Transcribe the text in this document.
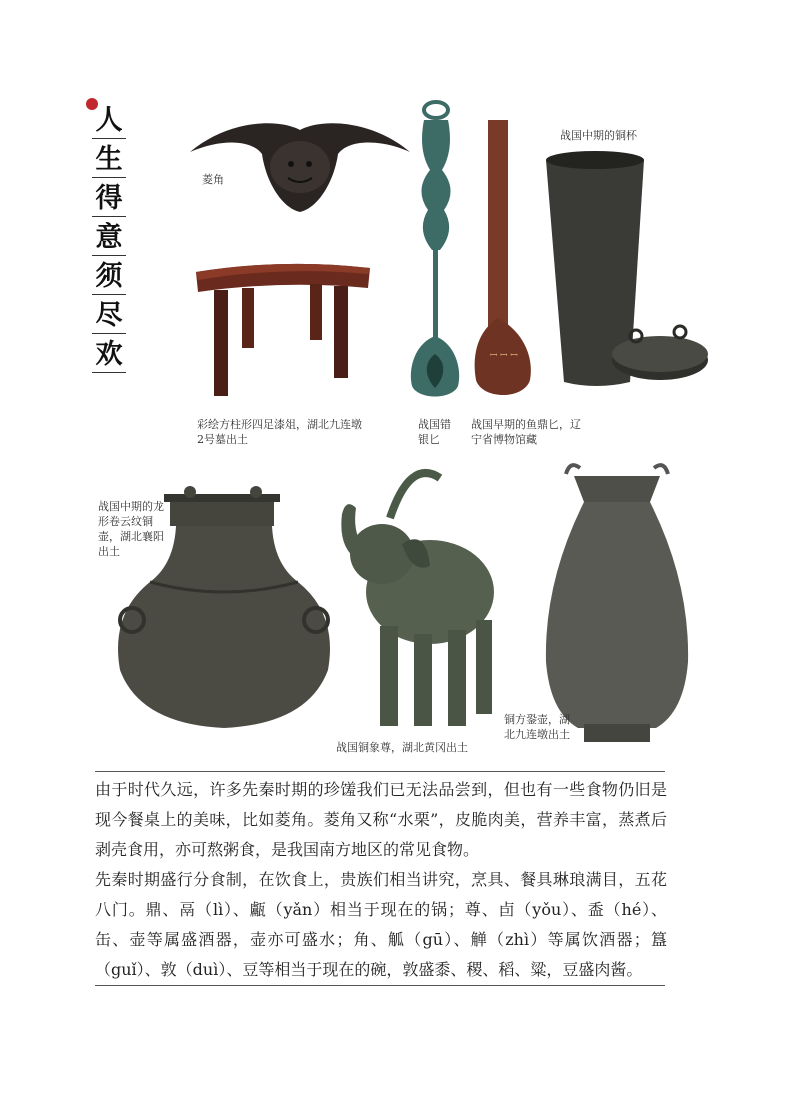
人
生
得
意
须
尽
欢
菱角
彩绘方柱形四足漆俎，湖北九连墩2号墓出土
战国错银匕
ꟷ ꟷ ꟷ
战国早期的鱼鼎匕，辽宁省博物馆藏
战国中期的铜杯
战国中期的龙形卷云纹铜壶，湖北襄阳出土
战国铜象尊，湖北黄冈出土
铜方銎壶，湖北九连墩出土

由于时代久远，许多先秦时期的珍馐我们已无法品尝到，但也有一些食物仍旧是现今餐桌上的美味，比如菱角。菱角又称“水栗”，皮脆肉美，营养丰富，蒸煮后剥壳食用，亦可熬粥食，是我国南方地区的常见食物。

先秦时期盛行分食制，在饮食上，贵族们相当讲究，烹具、餐具琳琅满目，五花八门。鼎、鬲（lì）、甗（yǎn）相当于现在的锅；尊、卣（yǒu）、盉（hé）、缶、壶等属盛酒器，壶亦可盛水；角、觚（gū）、觯（zhì）等属饮酒器；簋（guǐ）、敦（duì）、豆等相当于现在的碗，敦盛黍、稷、稻、粱，豆盛肉酱。
